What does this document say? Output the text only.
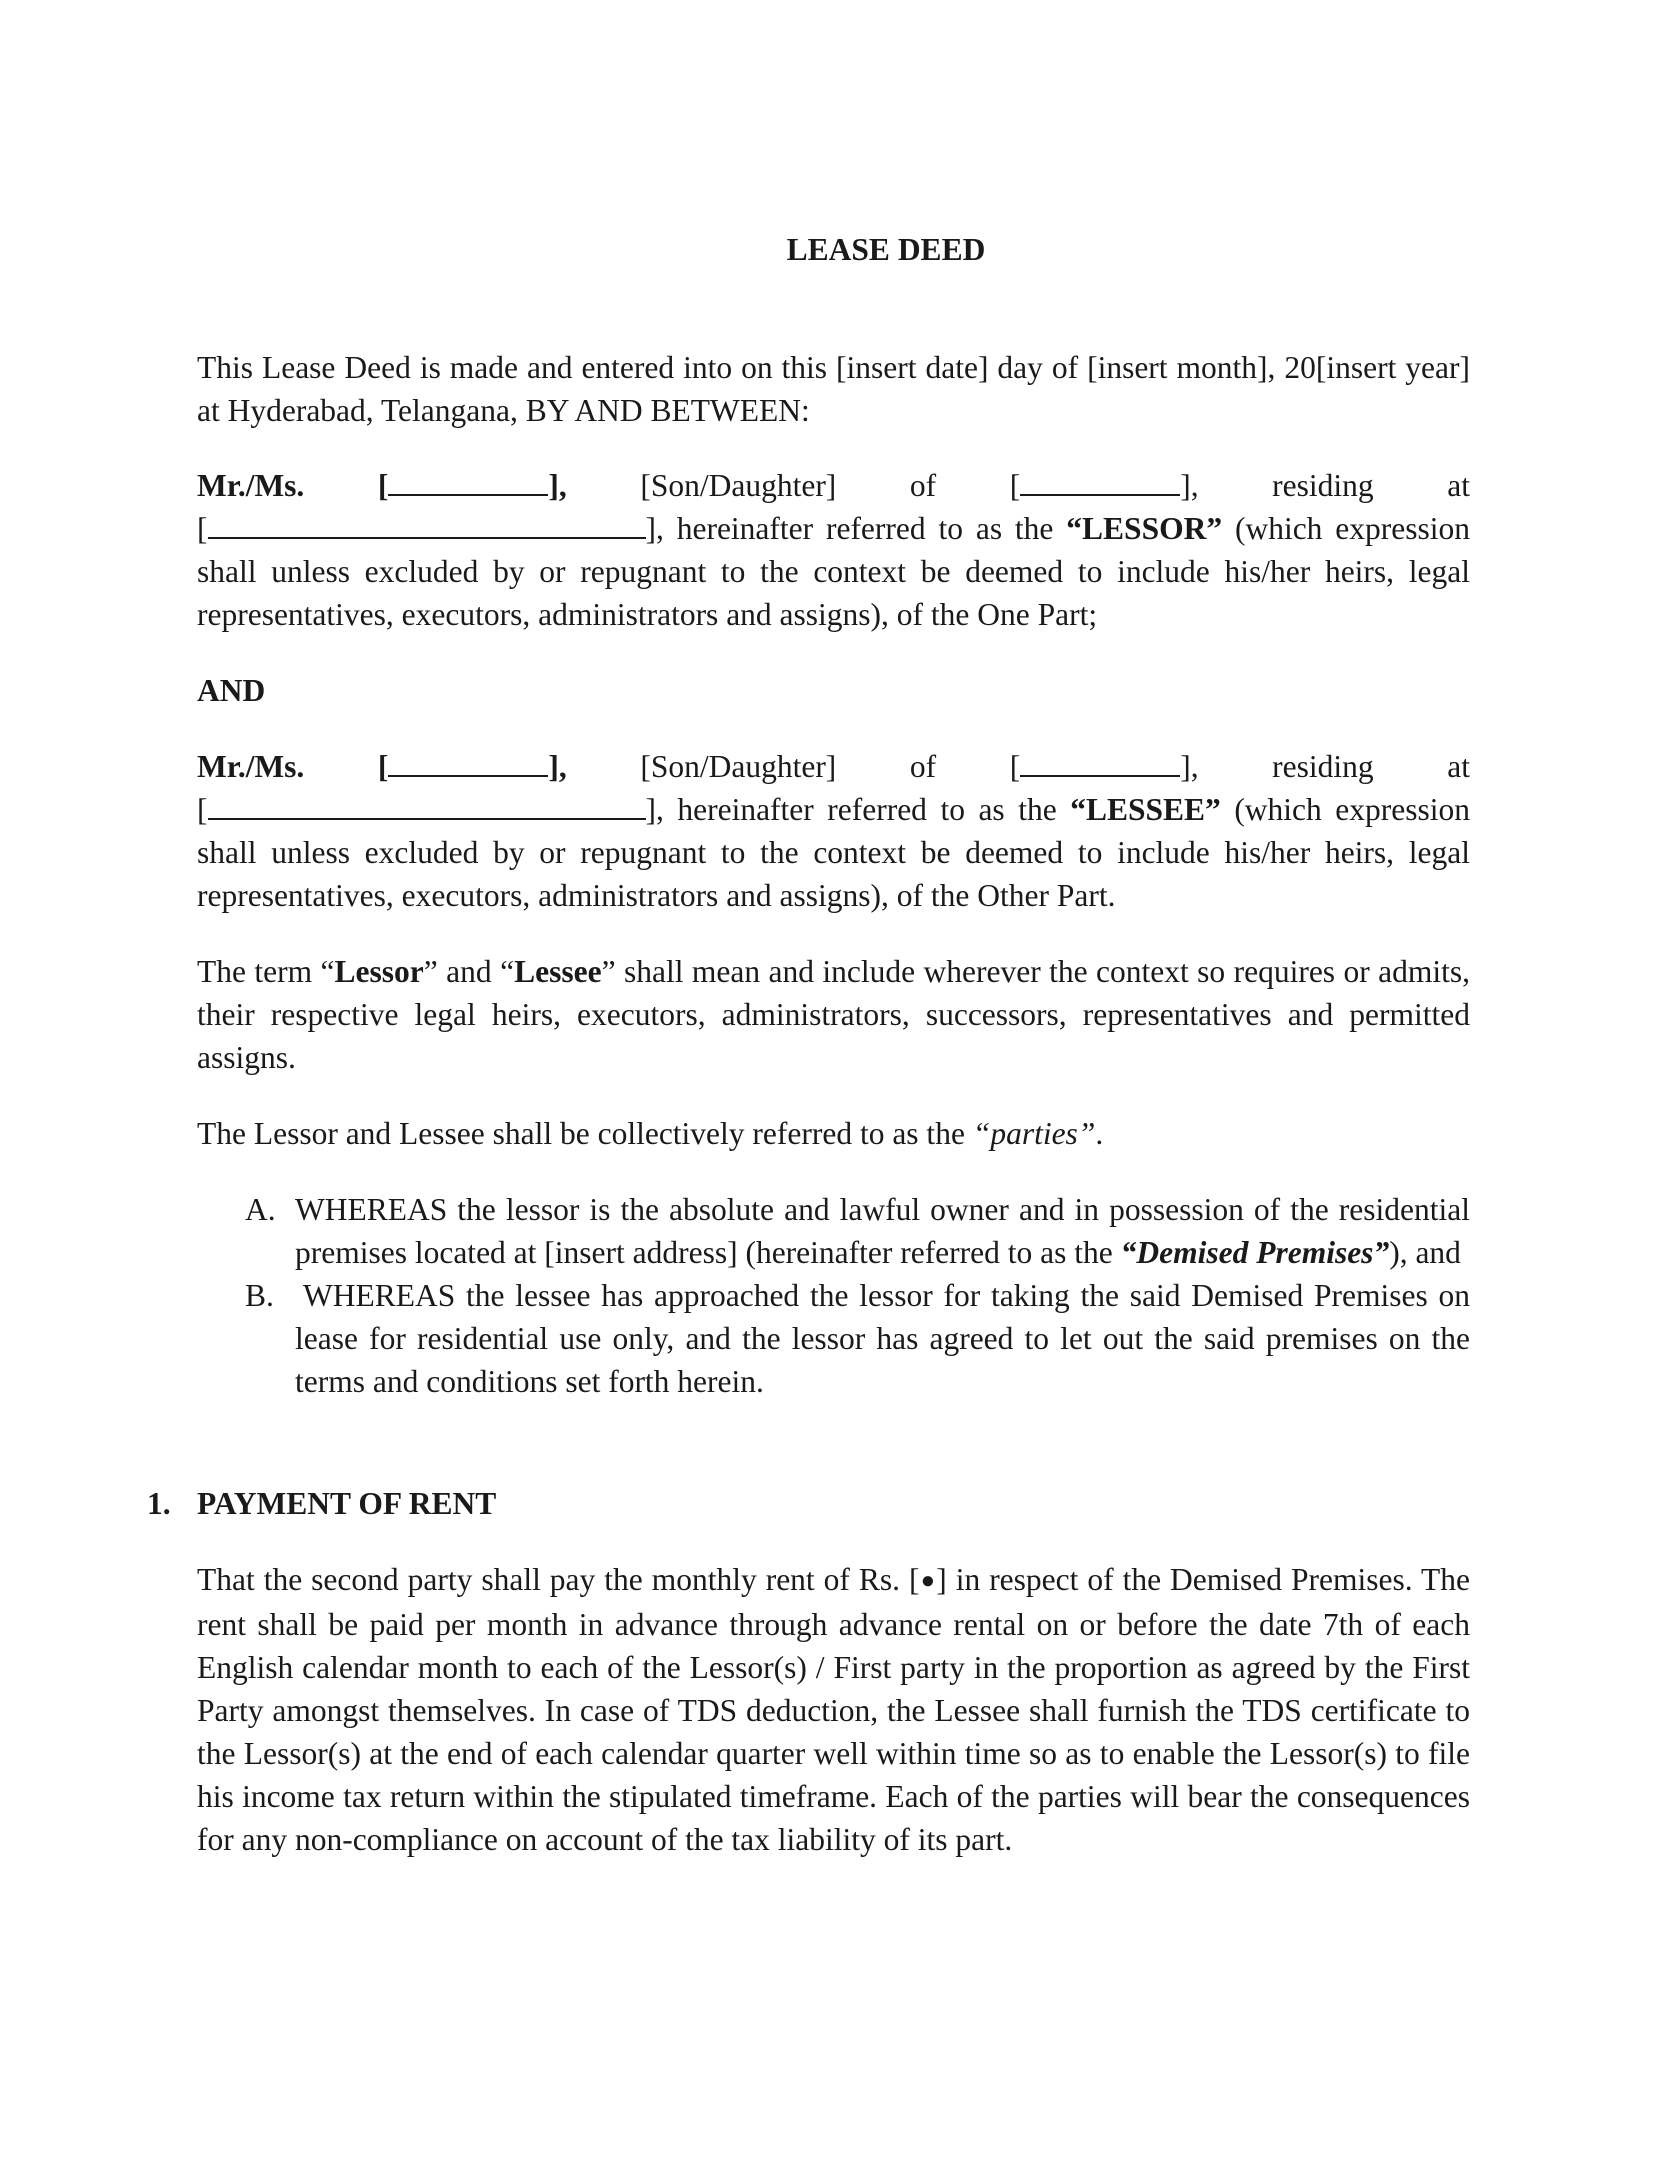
LEASE DEED

This Lease Deed is made and entered into on this [insert date] day of [insert month], 20[insert year] at Hyderabad, Telangana, BY AND BETWEEN:

Mr./Ms. [	], [Son/Daughter] of [	], residing at
[	], hereinafter referred to as the “LESSOR” (which expression shall unless excluded by or repugnant to the context be deemed to include his/her heirs, legal representatives, executors, administrators and assigns), of the One Part;
AND
Mr./Ms. [	], [Son/Daughter] of [	], residing at
[	], hereinafter referred to as the “LESSEE” (which expression shall unless excluded by or repugnant to the context be deemed to include his/her heirs, legal representatives, executors, administrators and assigns), of the Other Part.

The term “Lessor” and “Lessee” shall mean and include wherever the context so requires or admits, their respective legal heirs, executors, administrators, successors, representatives and permitted assigns.

The Lessor and Lessee shall be collectively referred to as the “parties”.

A. WHEREAS the lessor is the absolute and lawful owner and in possession of the residential premises located at [insert address] (hereinafter referred to as the “Demised Premises”), and
B. WHEREAS the lessee has approached the lessor for taking the said Demised Premises on lease for residential use only, and the lessor has agreed to let out the said premises on the terms and conditions set forth herein.
1. PAYMENT OF RENT

That the second party shall pay the monthly rent of Rs. [●] in respect of the Demised Premises. The rent shall be paid per month in advance through advance rental on or before the date 7th of each English calendar month to each of the Lessor(s) / First party in the proportion as agreed by the First Party amongst themselves. In case of TDS deduction, the Lessee shall furnish the TDS certificate to the Lessor(s) at the end of each calendar quarter well within time so as to enable the Lessor(s) to file his income tax return within the stipulated timeframe. Each of the parties will bear the consequences for any non-compliance on account of the tax liability of its part.
